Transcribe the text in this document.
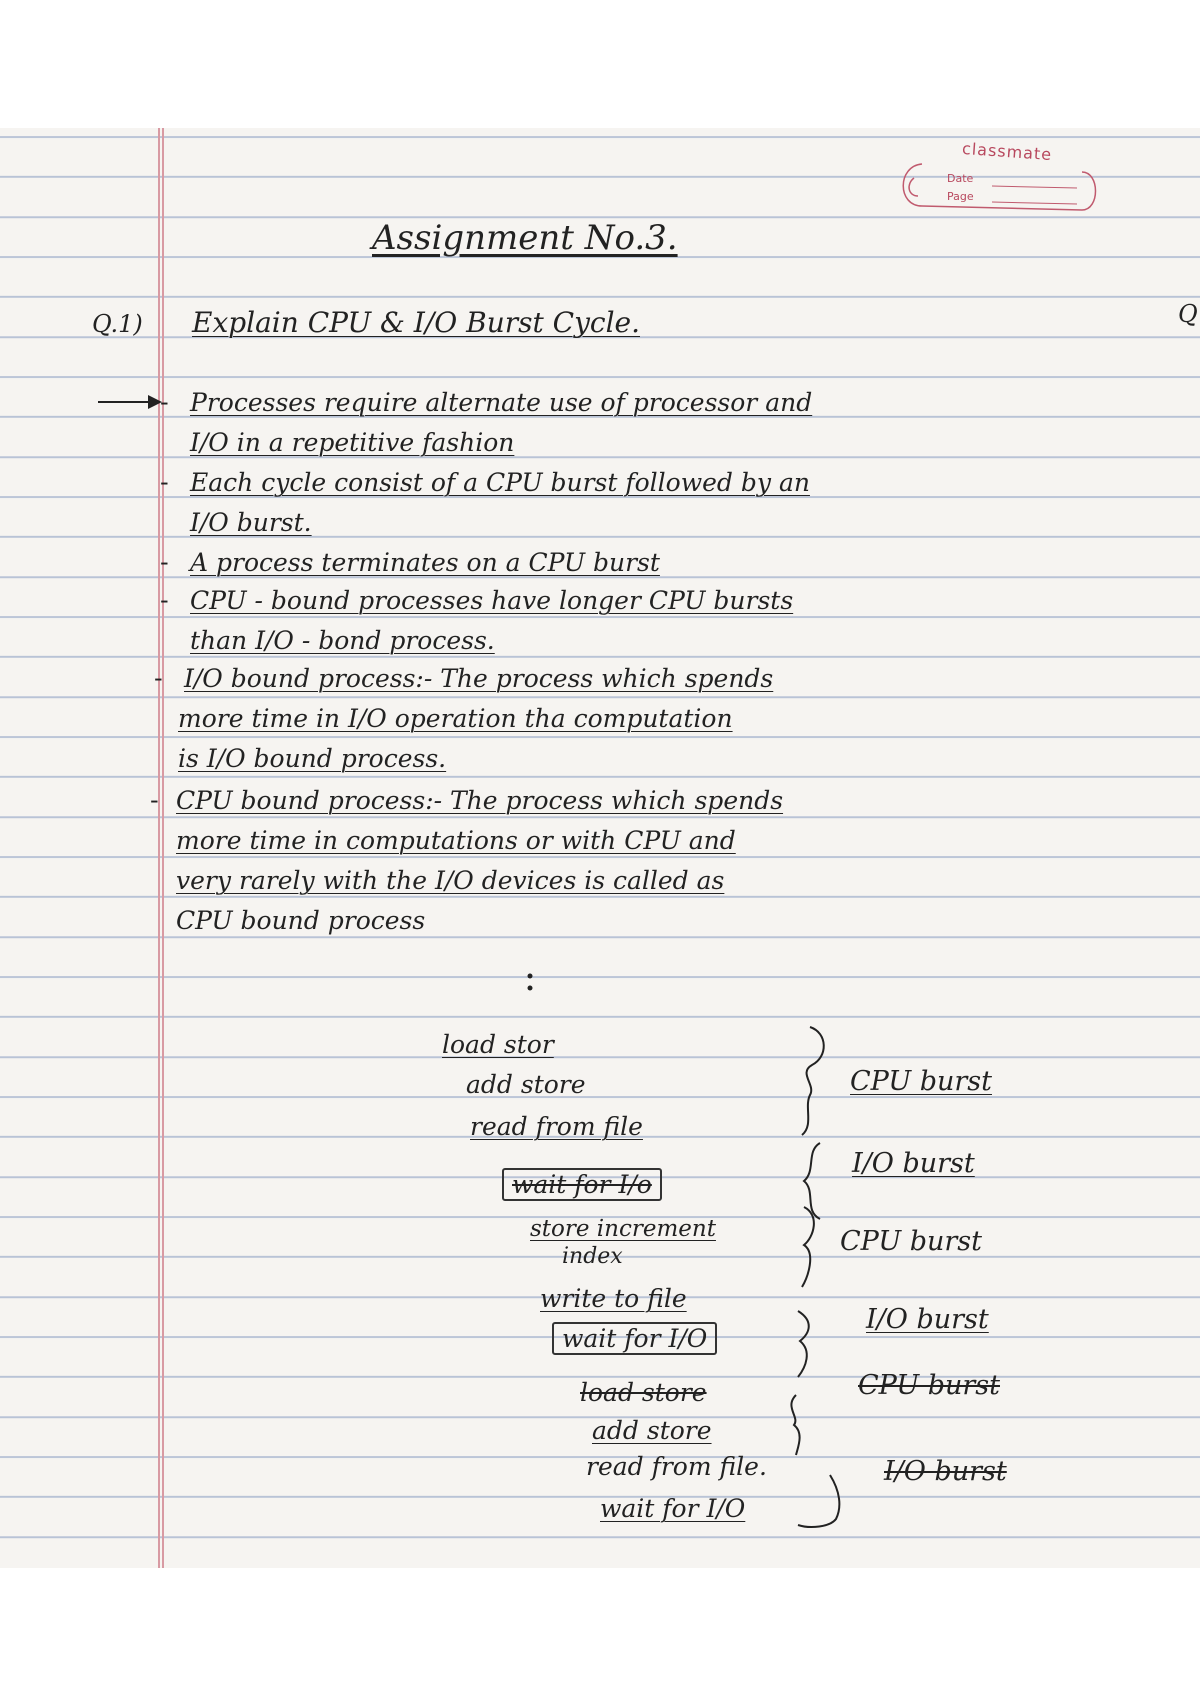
classmate
Date
Page
Assignment No.3.
Q.1) Explain CPU & I/O Burst Cycle.	Q
-
-
-
-
-
-
Processes require alternate use of processor and
I/O in a repetitive fashion
Each cycle consist of a CPU burst followed by an
I/O burst.
A process terminates on a CPU burst
CPU - bound processes have longer CPU bursts
than I/O - bond process.
I/O bound process:- The process which spends
more time in I/O operation tha computation
is I/O bound process.
CPU bound process:- The process which spends
more time in computations or with CPU and
very rarely with the I/O devices is called as
CPU bound process
load stor
add store
read from file
wait for I/o
store increment
index
write to file
wait for I/O
load store
add store
read from file.
wait for I/O
CPU burst
I/O burst
CPU burst
I/O burst
CPU burst
I/O burst
